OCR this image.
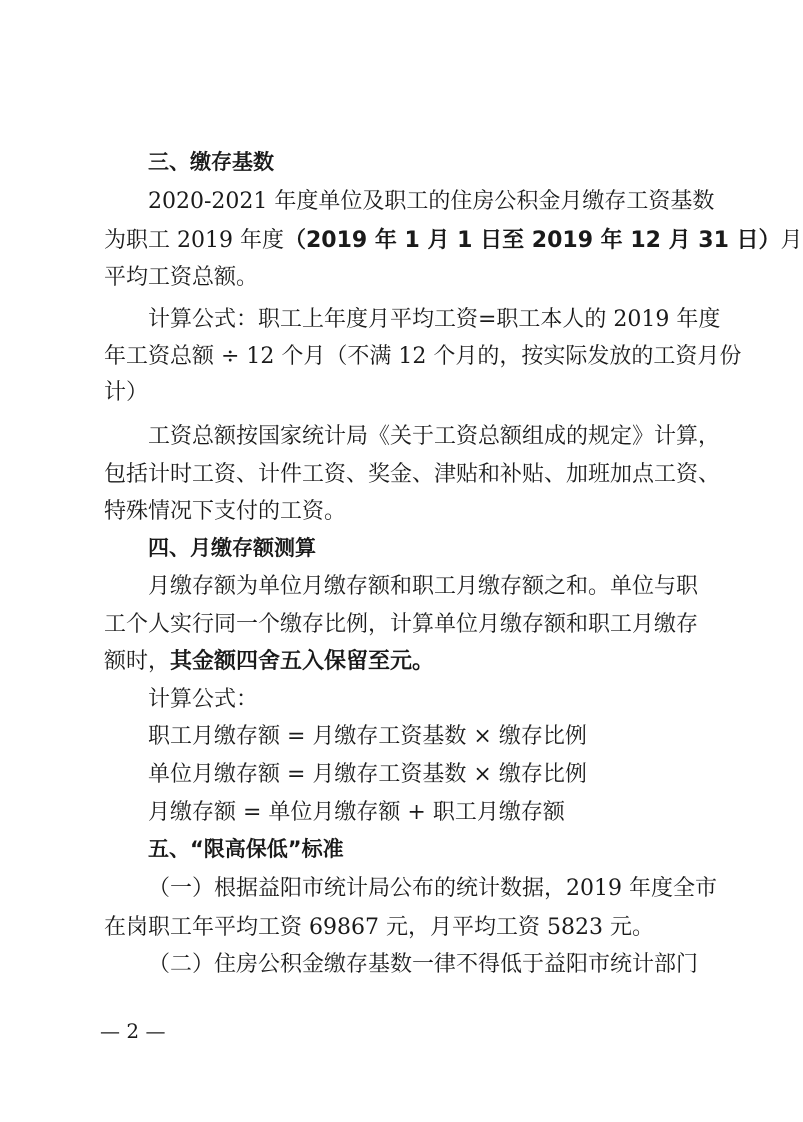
三、缴存基数
2020-2021 年度单位及职工的住房公积金月缴存工资基数
为职工 2019 年度（2019 年 1 月 1 日至 2019 年 12 月 31 日）月
平均工资总额。
计算公式：职工上年度月平均工资=职工本人的 2019 年度
年工资总额 ÷ 12 个月（不满 12 个月的，按实际发放的工资月份
计）
工资总额按国家统计局《关于工资总额组成的规定》计算，
包括计时工资、计件工资、奖金、津贴和补贴、加班加点工资、
特殊情况下支付的工资。
四、月缴存额测算
月缴存额为单位月缴存额和职工月缴存额之和。单位与职
工个人实行同一个缴存比例，计算单位月缴存额和职工月缴存
额时，其金额四舍五入保留至元。
计算公式：
职工月缴存额 = 月缴存工资基数 × 缴存比例
单位月缴存额 = 月缴存工资基数 × 缴存比例
月缴存额 = 单位月缴存额 + 职工月缴存额
五、“限高保低”标准
（一）根据益阳市统计局公布的统计数据，2019 年度全市
在岗职工年平均工资 69867 元，月平均工资 5823 元。
（二）住房公积金缴存基数一律不得低于益阳市统计部门
— 2 —
